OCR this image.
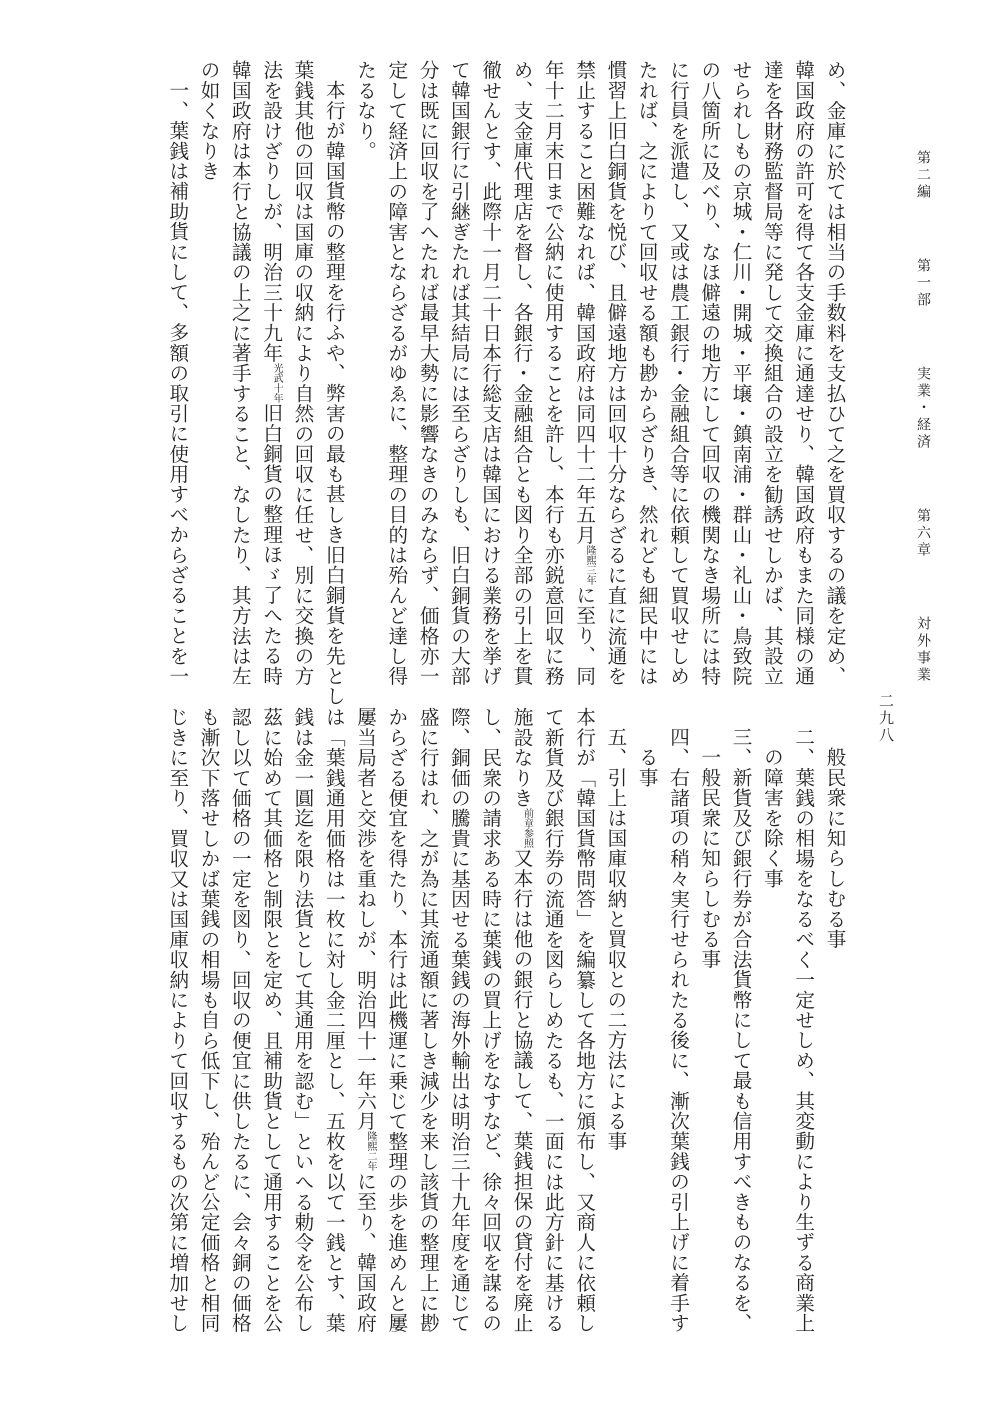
第二編  第一部  実業・経済  第六章  対外事業
二九八
め、金庫に於ては相当の手数料を支払ひて之を買収するの議を定め、
韓国政府の許可を得て各支金庫に通達せり、韓国政府もまた同様の通
達を各財務監督局等に発して交換組合の設立を勧誘せしかば、其設立
せられしもの京城・仁川・開城・平壌・鎮南浦・群山・礼山・鳥致院
の八箇所に及べり、なほ僻遠の地方にして回収の機関なき場所には特
に行員を派遣し、又或は農工銀行・金融組合等に依頼して買収せしめ
たれば、之によりて回収せる額も尠からざりき、然れども細民中には
慣習上旧白銅貨を悦び、且僻遠地方は回収十分ならざるに直に流通を
禁止すること困難なれば、韓国政府は同四十二年五月隆熙三年に至り、同
年十二月末日まで公納に使用することを許し、本行も亦鋭意回収に務
め、支金庫代理店を督し、各銀行・金融組合とも図り全部の引上を貫
徹せんとす、此際十一月二十日本行総支店は韓国における業務を挙げ
て韓国銀行に引継ぎたれば其結局には至らざりしも、旧白銅貨の大部
分は既に回収を了へたれば最早大勢に影響なきのみならず、価格亦一
定して経済上の障害とならざるがゆゑに、整理の目的は殆んど達し得
たるなり。
本行が韓国貨幣の整理を行ふや、弊害の最も甚しき旧白銅貨を先とし
葉銭其他の回収は国庫の収納により自然の回収に任せ、別に交換の方
法を設けざりしが、明治三十九年光武十年旧白銅貨の整理ほゞ了へたる時
韓国政府は本行と協議の上之に著手すること、なしたり、其方法は左
の如くなりき
一、葉銭は補助貨にして、多額の取引に使用すべからざることを一
般民衆に知らしむる事
二、葉銭の相場をなるべく一定せしめ、其変動により生ずる商業上
の障害を除く事
三、新貨及び銀行券が合法貨幣にして最も信用すべきものなるを、
一般民衆に知らしむる事
四、右諸項の稍々実行せられたる後に、漸次葉銭の引上げに着手す
る事
五、引上は国庫収納と買収との二方法による事
本行が「韓国貨幣問答」を編纂して各地方に頒布し、又商人に依頼し
て新貨及び銀行券の流通を図らしめたるも、一面には此方針に基ける
施設なりき前章参照又本行は他の銀行と協議して、葉銭担保の貸付を廃止
し、民衆の請求ある時に葉銭の買上げをなすなど、徐々回収を謀るの
際、銅価の騰貴に基因せる葉銭の海外輸出は明治三十九年度を通じて
盛に行はれ、之が為に其流通額に著しき減少を来し該貨の整理上に尠
からざる便宜を得たり、本行は此機運に乗じて整理の歩を進めんと屢
屢当局者と交渉を重ねしが、明治四十一年六月隆熙二年に至り、韓国政府
は「葉銭通用価格は一枚に対し金二厘とし、五枚を以て一銭とす、葉
銭は金一圓迄を限り法貨として其通用を認む」といへる勅令を公布し
茲に始めて其価格と制限とを定め、且補助貨として通用することを公
認し以て価格の一定を図り、回収の便宜に供したるに、会々銅の価格
も漸次下落せしかば葉銭の相場も自ら低下し、殆んど公定価格と相同
じきに至り、買収又は国庫収納によりて回収するもの次第に増加せし
